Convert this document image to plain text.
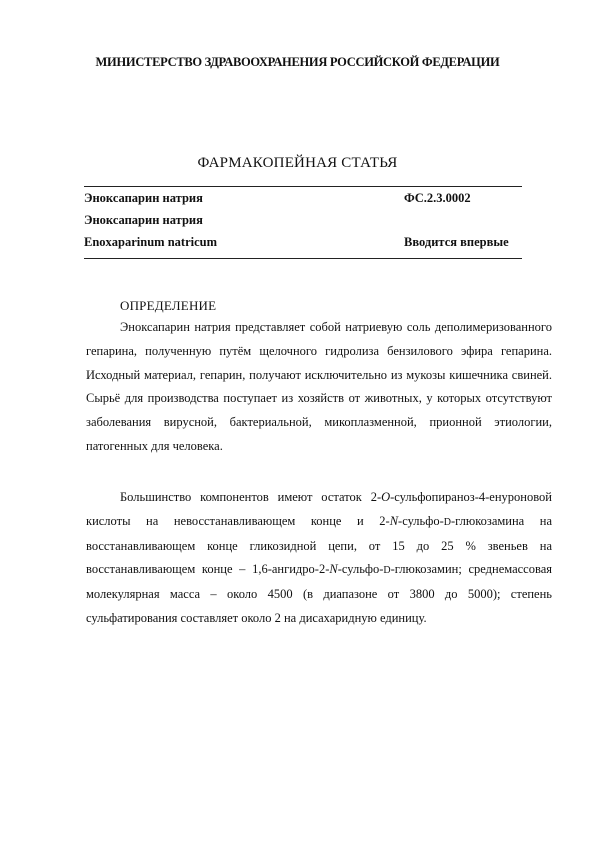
МИНИСТЕРСТВО ЗДРАВООХРАНЕНИЯ РОССИЙСКОЙ ФЕДЕРАЦИИ
ФАРМАКОПЕЙНАЯ СТАТЬЯ
Эноксапарин натрия	ФС.2.3.0002
Эноксапарин натрия
Enoxaparinum natricum	Вводится впервые
ОПРЕДЕЛЕНИЕ

Эноксапарин натрия представляет собой натриевую соль деполимеризованного гепарина, полученную путём щелочного гидролиза бензилового эфира гепарина. Исходный материал, гепарин, получают исключительно из мукозы кишечника свиней. Сырьё для производства поступает из хозяйств от животных, у которых отсутствуют заболевания вирусной, бактериальной, микоплазменной, прионной этиологии, патогенных для человека.

Большинство компонентов имеют остаток 2-O-сульфопираноз-4-енуроновой кислоты на невосстанавливающем конце и 2-N-сульфо-D-глюкозамина на восстанавливающем конце гликозидной цепи, от 15 до 25 % звеньев на восстанавливающем конце – 1,6-ангидро-2-N-сульфо-D-глюкозамин; среднемассовая молекулярная масса – около 4500 (в диапазоне от 3800 до 5000); степень сульфатирования составляет около 2 на дисахаридную единицу.
